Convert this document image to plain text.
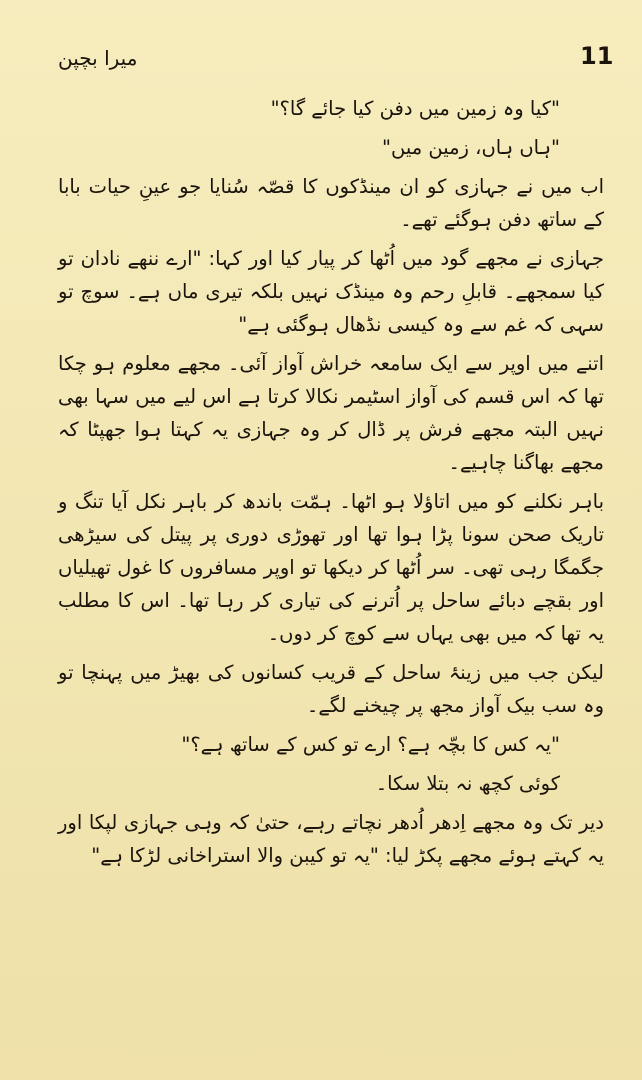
11
میرا بچپن

"کیا وہ زمین میں دفن کیا جائے گا؟"

"ہاں ہاں، زمین میں"

اب میں نے جہازی کو ان مینڈکوں کا قصّہ سُنایا جو عینِ حیات بابا کے ساتھ دفن ہوگئے تھے۔

جہازی نے مجھے گود میں اُٹھا کر پیار کیا اور کہا: "ارے ننھے نادان تو کیا سمجھے۔ قابلِ رحم وہ مینڈک نہیں بلکہ تیری ماں ہے۔ سوچ تو سہی کہ غم سے وہ کیسی نڈھال ہوگئی ہے"

اتنے میں اوپر سے ایک سامعہ خراش آواز آئی۔ مجھے معلوم ہو چکا تھا کہ اس قسم کی آواز اسٹیمر نکالا کرتا ہے اس لیے میں سہا بھی نہیں البتہ مجھے فرش پر ڈال کر وہ جہازی یہ کہتا ہوا جھپٹا کہ مجھے بھاگنا چاہیے۔

باہر نکلنے کو میں اتاؤلا ہو اٹھا۔ ہمّت باندھ کر باہر نکل آیا تنگ و تاریک صحن سونا پڑا ہوا تھا اور تھوڑی دوری پر پیتل کی سیڑھی جگمگا رہی تھی۔ سر اُٹھا کر دیکھا تو اوپر مسافروں کا غول تھیلیاں اور بقچے دبائے ساحل پر اُترنے کی تیاری کر رہا تھا۔ اس کا مطلب یہ تھا کہ میں بھی یہاں سے کوچ کر دوں۔

لیکن جب میں زینۂ ساحل کے قریب کسانوں کی بھیڑ میں پہنچا تو وہ سب بیک آواز مجھ پر چیخنے لگے۔

"یہ کس کا بچّہ ہے؟ ارے تو کس کے ساتھ ہے؟"

کوئی کچھ نہ بتلا سکا۔

دیر تک وہ مجھے اِدھر اُدھر نچاتے رہے، حتیٰ کہ وہی جہازی لپکا اور یہ کہتے ہوئے مجھے پکڑ لیا: "یہ تو کیبن والا استراخانی لڑکا ہے"
